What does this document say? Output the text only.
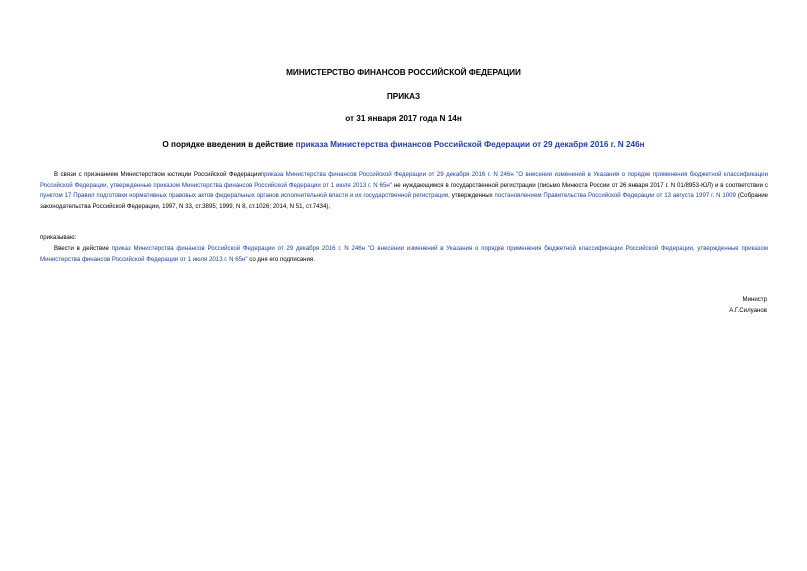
МИНИСТЕРСТВО ФИНАНСОВ РОССИЙСКОЙ ФЕДЕРАЦИИ

ПРИКАЗ

от 31 января 2017 года N 14н

О порядке введения в действие приказа Министерства финансов Российской Федерации от 29 декабря 2016 г. N 246н

В связи с признанием Министерством юстиции Российской Федерацииприказа Министерства финансов Российской Федерации от 29 декабря 2016 г. N 246н "О внесении изменений в Указания о порядке применения бюджетной классификации Российской Федерации, утвержденные приказом Министерства финансов Российской Федерации от 1 июля 2013 г. N 65н" не нуждающимся в государственной регистрации (письмо Минюста России от 26 января 2017 г. N 01/8953-ЮЛ) и в соответствии с пунктом 17 Правил подготовки нормативных правовых актов федеральных органов исполнительной власти и их государственной регистрации, утвержденных постановлением Правительства Российской Федерации от 13 августа 1997 г. N 1009 (Собрание законодательства Российской Федерации, 1997, N 33, ст.3895; 1999, N 8, ст.1026; 2014, N 51, ст.7434),

приказываю:

Ввести в действие приказ Министерства финансов Российской Федерации от 29 декабря 2016 г. N 246н "О внесении изменений в Указания о порядке применения бюджетной классификации Российской Федерации, утвержденные приказом Министерства финансов Российской Федерации от 1 июля 2013 г. N 65н" со дня его подписания.

Министр
А.Г.Силуанов
